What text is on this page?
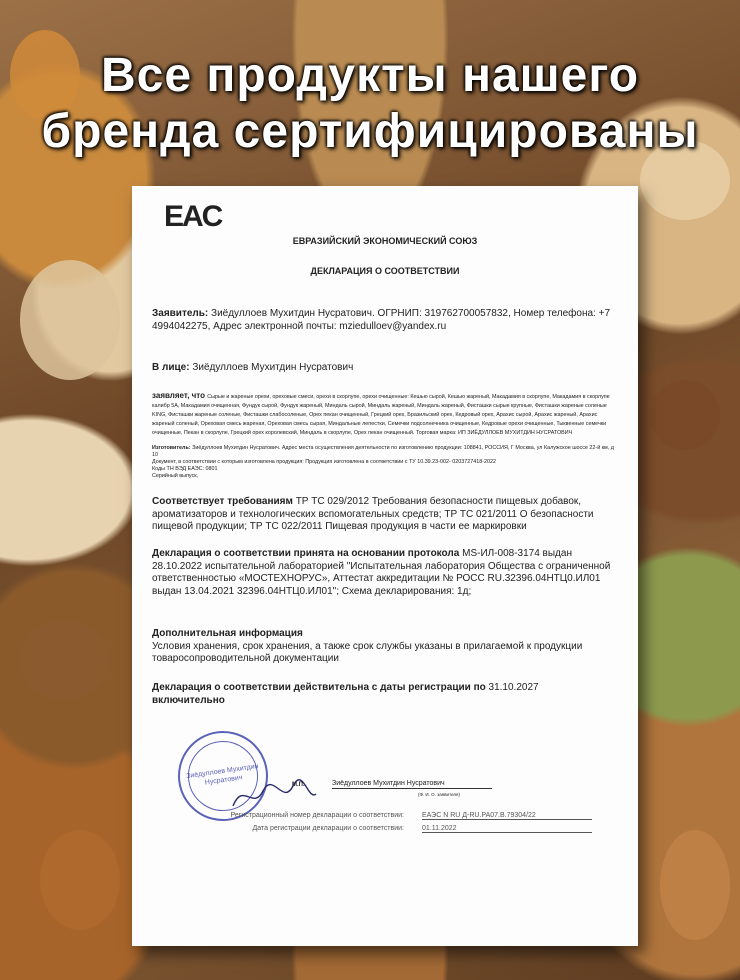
Все продукты нашего
бренда сертифицированы
EAC
ЕВРАЗИЙСКИЙ ЭКОНОМИЧЕСКИЙ СОЮЗ
ДЕКЛАРАЦИЯ О СООТВЕТСТВИИ
Заявитель: Зиёдуллоев Мухитдин Нусратович. ОГРНИП: 319762700057832, Номер телефона: +7 4994042275, Адрес электронной почты: mziedulloev@yandex.ru
В лице: Зиёдуллоев Мухитдин Нусратович
заявляет, что Сырые и жареные орехи, ореховые смеси, орехи в скорлупе, орехи очищенные: Кешью сырой, Кешью жареный, Макадамия в скорлупе, Макадамия в скорлупе калибр 5А, Макадамия очищенная, Фундук сырой, Фундук жареный, Миндаль сырой, Миндаль жареный, Миндаль жареный, Фисташки сырые крупные, Фисташки жареные соленые KING, Фисташки жареные соленые, Фисташки слабосоленые, Орех пекан очищенный, Грецкий орех, Бразильский орех, Кедровый орех, Арахис сырой, Арахис жареный, Арахис жареный соленый, Ореховая смесь жареная, Ореховая смесь сырая, Миндальные лепестки, Семечки подсолнечника очищенные, Кедровые орехи очищенные, Тыквенные семечки очищенные, Пекан в скорлупе, Грецкий орех королевский, Миндаль в скорлупе, Орех пекан очищенный. Торговая марка: ИП ЗИЁДУЛЛОЕВ МУХИТДИН НУСРАТОВИЧ
Изготовитель: Зиёдуллоев Мухитдин Нусратович. Адрес места осуществления деятельности по изготовлению продукции: 108841, РОССИЯ, Г Москва, ул Калужское шоссе 22-й км, д 10
Документ, в соответствии с которым изготовлена продукция: Продукция изготовлена в соответствии с ТУ 10.39.23-002- 0203727418-2022
Коды ТН ВЭД ЕАЭС: 0801
Серийный выпуск,
Соответствует требованиям ТР ТС 029/2012 Требования безопасности пищевых добавок, ароматизаторов и технологических вспомогательных средств; ТР ТС 021/2011 О безопасности пищевой продукции; ТР ТС 022/2011 Пищевая продукция в части ее маркировки
Декларация о соответствии принята на основании протокола MS-ИЛ-008-3174 выдан 28.10.2022 испытательной лабораторией "Испытательная лаборатория Общества с ограниченной ответственностью «МОСТЕХНОРУС», Аттестат аккредитации № РОСС RU.32396.04НТЦ0.ИЛ01 выдан 13.04.2021 32396.04НТЦ0.ИЛ01"; Схема декларирования: 1д;
Дополнительная информация
Условия хранения, срок хранения, а также срок службы указаны в прилагаемой к продукции товаросопроводительной документации
Декларация о соответствии действительна с даты регистрации по 31.10.2027
включительно
Зиёдуллоев Мухитдин Нусратович	М.П.	Зиёдуллоев Мухитдин Нусратович
(Ф. И. О. заявителя)
Регистрационный номер декларации о соответствии:	ЕАЭС N RU Д-RU.РА07.В.79304/22
Дата регистрации декларации о соответствии:	01.11.2022
